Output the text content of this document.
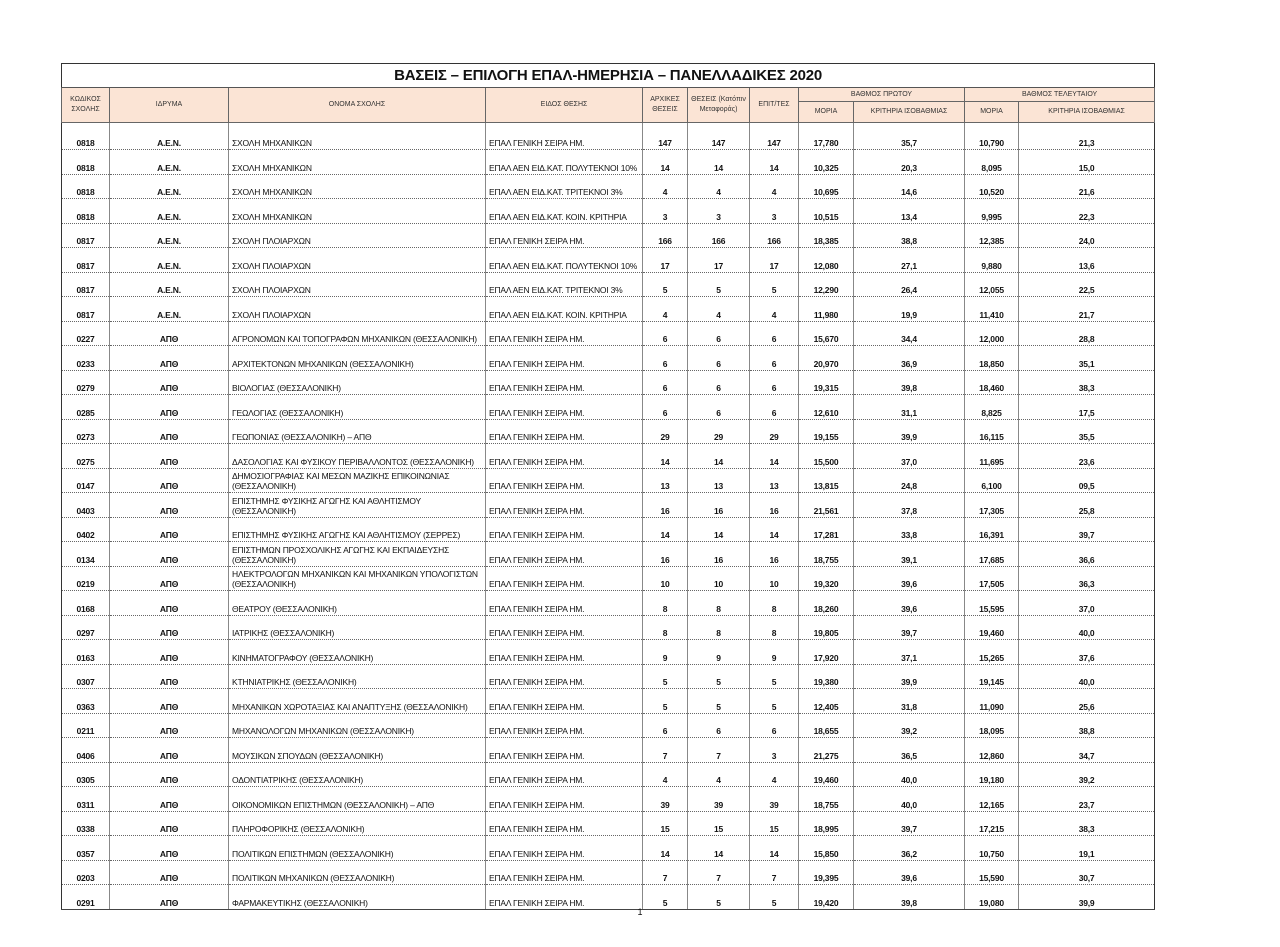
ΒΑΣΕΙΣ – ΕΠΙΛΟΓΗ ΕΠΑΛ-ΗΜΕΡΗΣΙΑ – ΠΑΝΕΛΛΑΔΙΚΕΣ 2020										
ΚΩΔΙΚΟΣ ΣΧΟΛΗΣ	ΙΔΡΥΜΑ	ΟΝΟΜΑ ΣΧΟΛΗΣ	ΕΙΔΟΣ ΘΕΣΗΣ	ΑΡΧΙΚΕΣ ΘΕΣΕΙΣ	ΘΕΣΕΙΣ (Κατόπιν Μεταφοράς)	ΕΠΙΤ/ΤΕΣ	ΒΑΘΜΟΣ ΠΡΩΤΟΥ		ΒΑΘΜΟΣ ΤΕΛΕΥΤΑΙΟΥ	
							ΜΟΡΙΑ	ΚΡΙΤΗΡΙΑ ΙΣΟΒΑΘΜΙΑΣ	ΜΟΡΙΑ	ΚΡΙΤΗΡΙΑ ΙΣΟΒΑΘΜΙΑΣ
0818	Α.Ε.Ν.	ΣΧΟΛΗ ΜΗΧΑΝΙΚΩΝ	ΕΠΑΛ ΓΕΝΙΚΗ ΣΕΙΡΑ ΗΜ.	147	147	147	17,780	35,7	10,790	21,3
0818	Α.Ε.Ν.	ΣΧΟΛΗ ΜΗΧΑΝΙΚΩΝ	ΕΠΑΛ ΑΕΝ ΕΙΔ.ΚΑΤ. ΠΟΛΥΤΕΚΝΟΙ 10%	14	14	14	10,325	20,3	8,095	15,0
0818	Α.Ε.Ν.	ΣΧΟΛΗ ΜΗΧΑΝΙΚΩΝ	ΕΠΑΛ ΑΕΝ ΕΙΔ.ΚΑΤ. ΤΡΙΤΕΚΝΟΙ 3%	4	4	4	10,695	14,6	10,520	21,6
0818	Α.Ε.Ν.	ΣΧΟΛΗ ΜΗΧΑΝΙΚΩΝ	ΕΠΑΛ ΑΕΝ ΕΙΔ.ΚΑΤ. ΚΟΙΝ. ΚΡΙΤΗΡΙΑ	3	3	3	10,515	13,4	9,995	22,3
0817	Α.Ε.Ν.	ΣΧΟΛΗ ΠΛΟΙΑΡΧΩΝ	ΕΠΑΛ ΓΕΝΙΚΗ ΣΕΙΡΑ ΗΜ.	166	166	166	18,385	38,8	12,385	24,0
0817	Α.Ε.Ν.	ΣΧΟΛΗ ΠΛΟΙΑΡΧΩΝ	ΕΠΑΛ ΑΕΝ ΕΙΔ.ΚΑΤ. ΠΟΛΥΤΕΚΝΟΙ 10%	17	17	17	12,080	27,1	9,880	13,6
0817	Α.Ε.Ν.	ΣΧΟΛΗ ΠΛΟΙΑΡΧΩΝ	ΕΠΑΛ ΑΕΝ ΕΙΔ.ΚΑΤ. ΤΡΙΤΕΚΝΟΙ 3%	5	5	5	12,290	26,4	12,055	22,5
0817	Α.Ε.Ν.	ΣΧΟΛΗ ΠΛΟΙΑΡΧΩΝ	ΕΠΑΛ ΑΕΝ ΕΙΔ.ΚΑΤ. ΚΟΙΝ. ΚΡΙΤΗΡΙΑ	4	4	4	11,980	19,9	11,410	21,7
0227	ΑΠΘ	ΑΓΡΟΝΟΜΩΝ ΚΑΙ ΤΟΠΟΓΡΑΦΩΝ ΜΗΧΑΝΙΚΩΝ (ΘΕΣΣΑΛΟΝΙΚΗ)	ΕΠΑΛ ΓΕΝΙΚΗ ΣΕΙΡΑ ΗΜ.	6	6	6	15,670	34,4	12,000	28,8
0233	ΑΠΘ	ΑΡΧΙΤΕΚΤΟΝΩΝ ΜΗΧΑΝΙΚΩΝ (ΘΕΣΣΑΛΟΝΙΚΗ)	ΕΠΑΛ ΓΕΝΙΚΗ ΣΕΙΡΑ ΗΜ.	6	6	6	20,970	36,9	18,850	35,1
0279	ΑΠΘ	ΒΙΟΛΟΓΙΑΣ (ΘΕΣΣΑΛΟΝΙΚΗ)	ΕΠΑΛ ΓΕΝΙΚΗ ΣΕΙΡΑ ΗΜ.	6	6	6	19,315	39,8	18,460	38,3
0285	ΑΠΘ	ΓΕΩΛΟΓΙΑΣ (ΘΕΣΣΑΛΟΝΙΚΗ)	ΕΠΑΛ ΓΕΝΙΚΗ ΣΕΙΡΑ ΗΜ.	6	6	6	12,610	31,1	8,825	17,5
0273	ΑΠΘ	ΓΕΩΠΟΝΙΑΣ (ΘΕΣΣΑΛΟΝΙΚΗ) – ΑΠΘ	ΕΠΑΛ ΓΕΝΙΚΗ ΣΕΙΡΑ ΗΜ.	29	29	29	19,155	39,9	16,115	35,5
0275	ΑΠΘ	ΔΑΣΟΛΟΓΙΑΣ ΚΑΙ ΦΥΣΙΚΟΥ ΠΕΡΙΒΑΛΛΟΝΤΟΣ (ΘΕΣΣΑΛΟΝΙΚΗ)	ΕΠΑΛ ΓΕΝΙΚΗ ΣΕΙΡΑ ΗΜ.	14	14	14	15,500	37,0	11,695	23,6
0147	ΑΠΘ	ΔΗΜΟΣΙΟΓΡΑΦΙΑΣ ΚΑΙ ΜΕΣΩΝ ΜΑΖΙΚΗΣ ΕΠΙΚΟΙΝΩΝΙΑΣ (ΘΕΣΣΑΛΟΝΙΚΗ)	ΕΠΑΛ ΓΕΝΙΚΗ ΣΕΙΡΑ ΗΜ.	13	13	13	13,815	24,8	6,100	09,5
0403	ΑΠΘ	ΕΠΙΣΤΗΜΗΣ ΦΥΣΙΚΗΣ ΑΓΩΓΗΣ ΚΑΙ ΑΘΛΗΤΙΣΜΟΥ (ΘΕΣΣΑΛΟΝΙΚΗ)	ΕΠΑΛ ΓΕΝΙΚΗ ΣΕΙΡΑ ΗΜ.	16	16	16	21,561	37,8	17,305	25,8
0402	ΑΠΘ	ΕΠΙΣΤΗΜΗΣ ΦΥΣΙΚΗΣ ΑΓΩΓΗΣ ΚΑΙ ΑΘΛΗΤΙΣΜΟΥ (ΣΕΡΡΕΣ)	ΕΠΑΛ ΓΕΝΙΚΗ ΣΕΙΡΑ ΗΜ.	14	14	14	17,281	33,8	16,391	39,7
0134	ΑΠΘ	ΕΠΙΣΤΗΜΩΝ ΠΡΟΣΧΟΛΙΚΗΣ ΑΓΩΓΗΣ ΚΑΙ ΕΚΠΑΙΔΕΥΣΗΣ (ΘΕΣΣΑΛΟΝΙΚΗ)	ΕΠΑΛ ΓΕΝΙΚΗ ΣΕΙΡΑ ΗΜ.	16	16	16	18,755	39,1	17,685	36,6
0219	ΑΠΘ	ΗΛΕΚΤΡΟΛΟΓΩΝ ΜΗΧΑΝΙΚΩΝ ΚΑΙ ΜΗΧΑΝΙΚΩΝ ΥΠΟΛΟΓΙΣΤΩΝ (ΘΕΣΣΑΛΟΝΙΚΗ)	ΕΠΑΛ ΓΕΝΙΚΗ ΣΕΙΡΑ ΗΜ.	10	10	10	19,320	39,6	17,505	36,3
0168	ΑΠΘ	ΘΕΑΤΡΟΥ (ΘΕΣΣΑΛΟΝΙΚΗ)	ΕΠΑΛ ΓΕΝΙΚΗ ΣΕΙΡΑ ΗΜ.	8	8	8	18,260	39,6	15,595	37,0
0297	ΑΠΘ	ΙΑΤΡΙΚΗΣ (ΘΕΣΣΑΛΟΝΙΚΗ)	ΕΠΑΛ ΓΕΝΙΚΗ ΣΕΙΡΑ ΗΜ.	8	8	8	19,805	39,7	19,460	40,0
0163	ΑΠΘ	ΚΙΝΗΜΑΤΟΓΡΑΦΟΥ (ΘΕΣΣΑΛΟΝΙΚΗ)	ΕΠΑΛ ΓΕΝΙΚΗ ΣΕΙΡΑ ΗΜ.	9	9	9	17,920	37,1	15,265	37,6
0307	ΑΠΘ	ΚΤΗΝΙΑΤΡΙΚΗΣ (ΘΕΣΣΑΛΟΝΙΚΗ)	ΕΠΑΛ ΓΕΝΙΚΗ ΣΕΙΡΑ ΗΜ.	5	5	5	19,380	39,9	19,145	40,0
0363	ΑΠΘ	ΜΗΧΑΝΙΚΩΝ ΧΩΡΟΤΑΞΙΑΣ ΚΑΙ ΑΝΑΠΤΥΞΗΣ (ΘΕΣΣΑΛΟΝΙΚΗ)	ΕΠΑΛ ΓΕΝΙΚΗ ΣΕΙΡΑ ΗΜ.	5	5	5	12,405	31,8	11,090	25,6
0211	ΑΠΘ	ΜΗΧΑΝΟΛΟΓΩΝ ΜΗΧΑΝΙΚΩΝ (ΘΕΣΣΑΛΟΝΙΚΗ)	ΕΠΑΛ ΓΕΝΙΚΗ ΣΕΙΡΑ ΗΜ.	6	6	6	18,655	39,2	18,095	38,8
0406	ΑΠΘ	ΜΟΥΣΙΚΩΝ ΣΠΟΥΔΩΝ (ΘΕΣΣΑΛΟΝΙΚΗ)	ΕΠΑΛ ΓΕΝΙΚΗ ΣΕΙΡΑ ΗΜ.	7	7	3	21,275	36,5	12,860	34,7
0305	ΑΠΘ	ΟΔΟΝΤΙΑΤΡΙΚΗΣ (ΘΕΣΣΑΛΟΝΙΚΗ)	ΕΠΑΛ ΓΕΝΙΚΗ ΣΕΙΡΑ ΗΜ.	4	4	4	19,460	40,0	19,180	39,2
0311	ΑΠΘ	ΟΙΚΟΝΟΜΙΚΩΝ ΕΠΙΣΤΗΜΩΝ (ΘΕΣΣΑΛΟΝΙΚΗ) – ΑΠΘ	ΕΠΑΛ ΓΕΝΙΚΗ ΣΕΙΡΑ ΗΜ.	39	39	39	18,755	40,0	12,165	23,7
0338	ΑΠΘ	ΠΛΗΡΟΦΟΡΙΚΗΣ (ΘΕΣΣΑΛΟΝΙΚΗ)	ΕΠΑΛ ΓΕΝΙΚΗ ΣΕΙΡΑ ΗΜ.	15	15	15	18,995	39,7	17,215	38,3
0357	ΑΠΘ	ΠΟΛΙΤΙΚΩΝ ΕΠΙΣΤΗΜΩΝ (ΘΕΣΣΑΛΟΝΙΚΗ)	ΕΠΑΛ ΓΕΝΙΚΗ ΣΕΙΡΑ ΗΜ.	14	14	14	15,850	36,2	10,750	19,1
0203	ΑΠΘ	ΠΟΛΙΤΙΚΩΝ ΜΗΧΑΝΙΚΩΝ (ΘΕΣΣΑΛΟΝΙΚΗ)	ΕΠΑΛ ΓΕΝΙΚΗ ΣΕΙΡΑ ΗΜ.	7	7	7	19,395	39,6	15,590	30,7
0291	ΑΠΘ	ΦΑΡΜΑΚΕΥΤΙΚΗΣ (ΘΕΣΣΑΛΟΝΙΚΗ)	ΕΠΑΛ ΓΕΝΙΚΗ ΣΕΙΡΑ ΗΜ.	5	5	5	19,420	39,8	19,080	39,9
1
